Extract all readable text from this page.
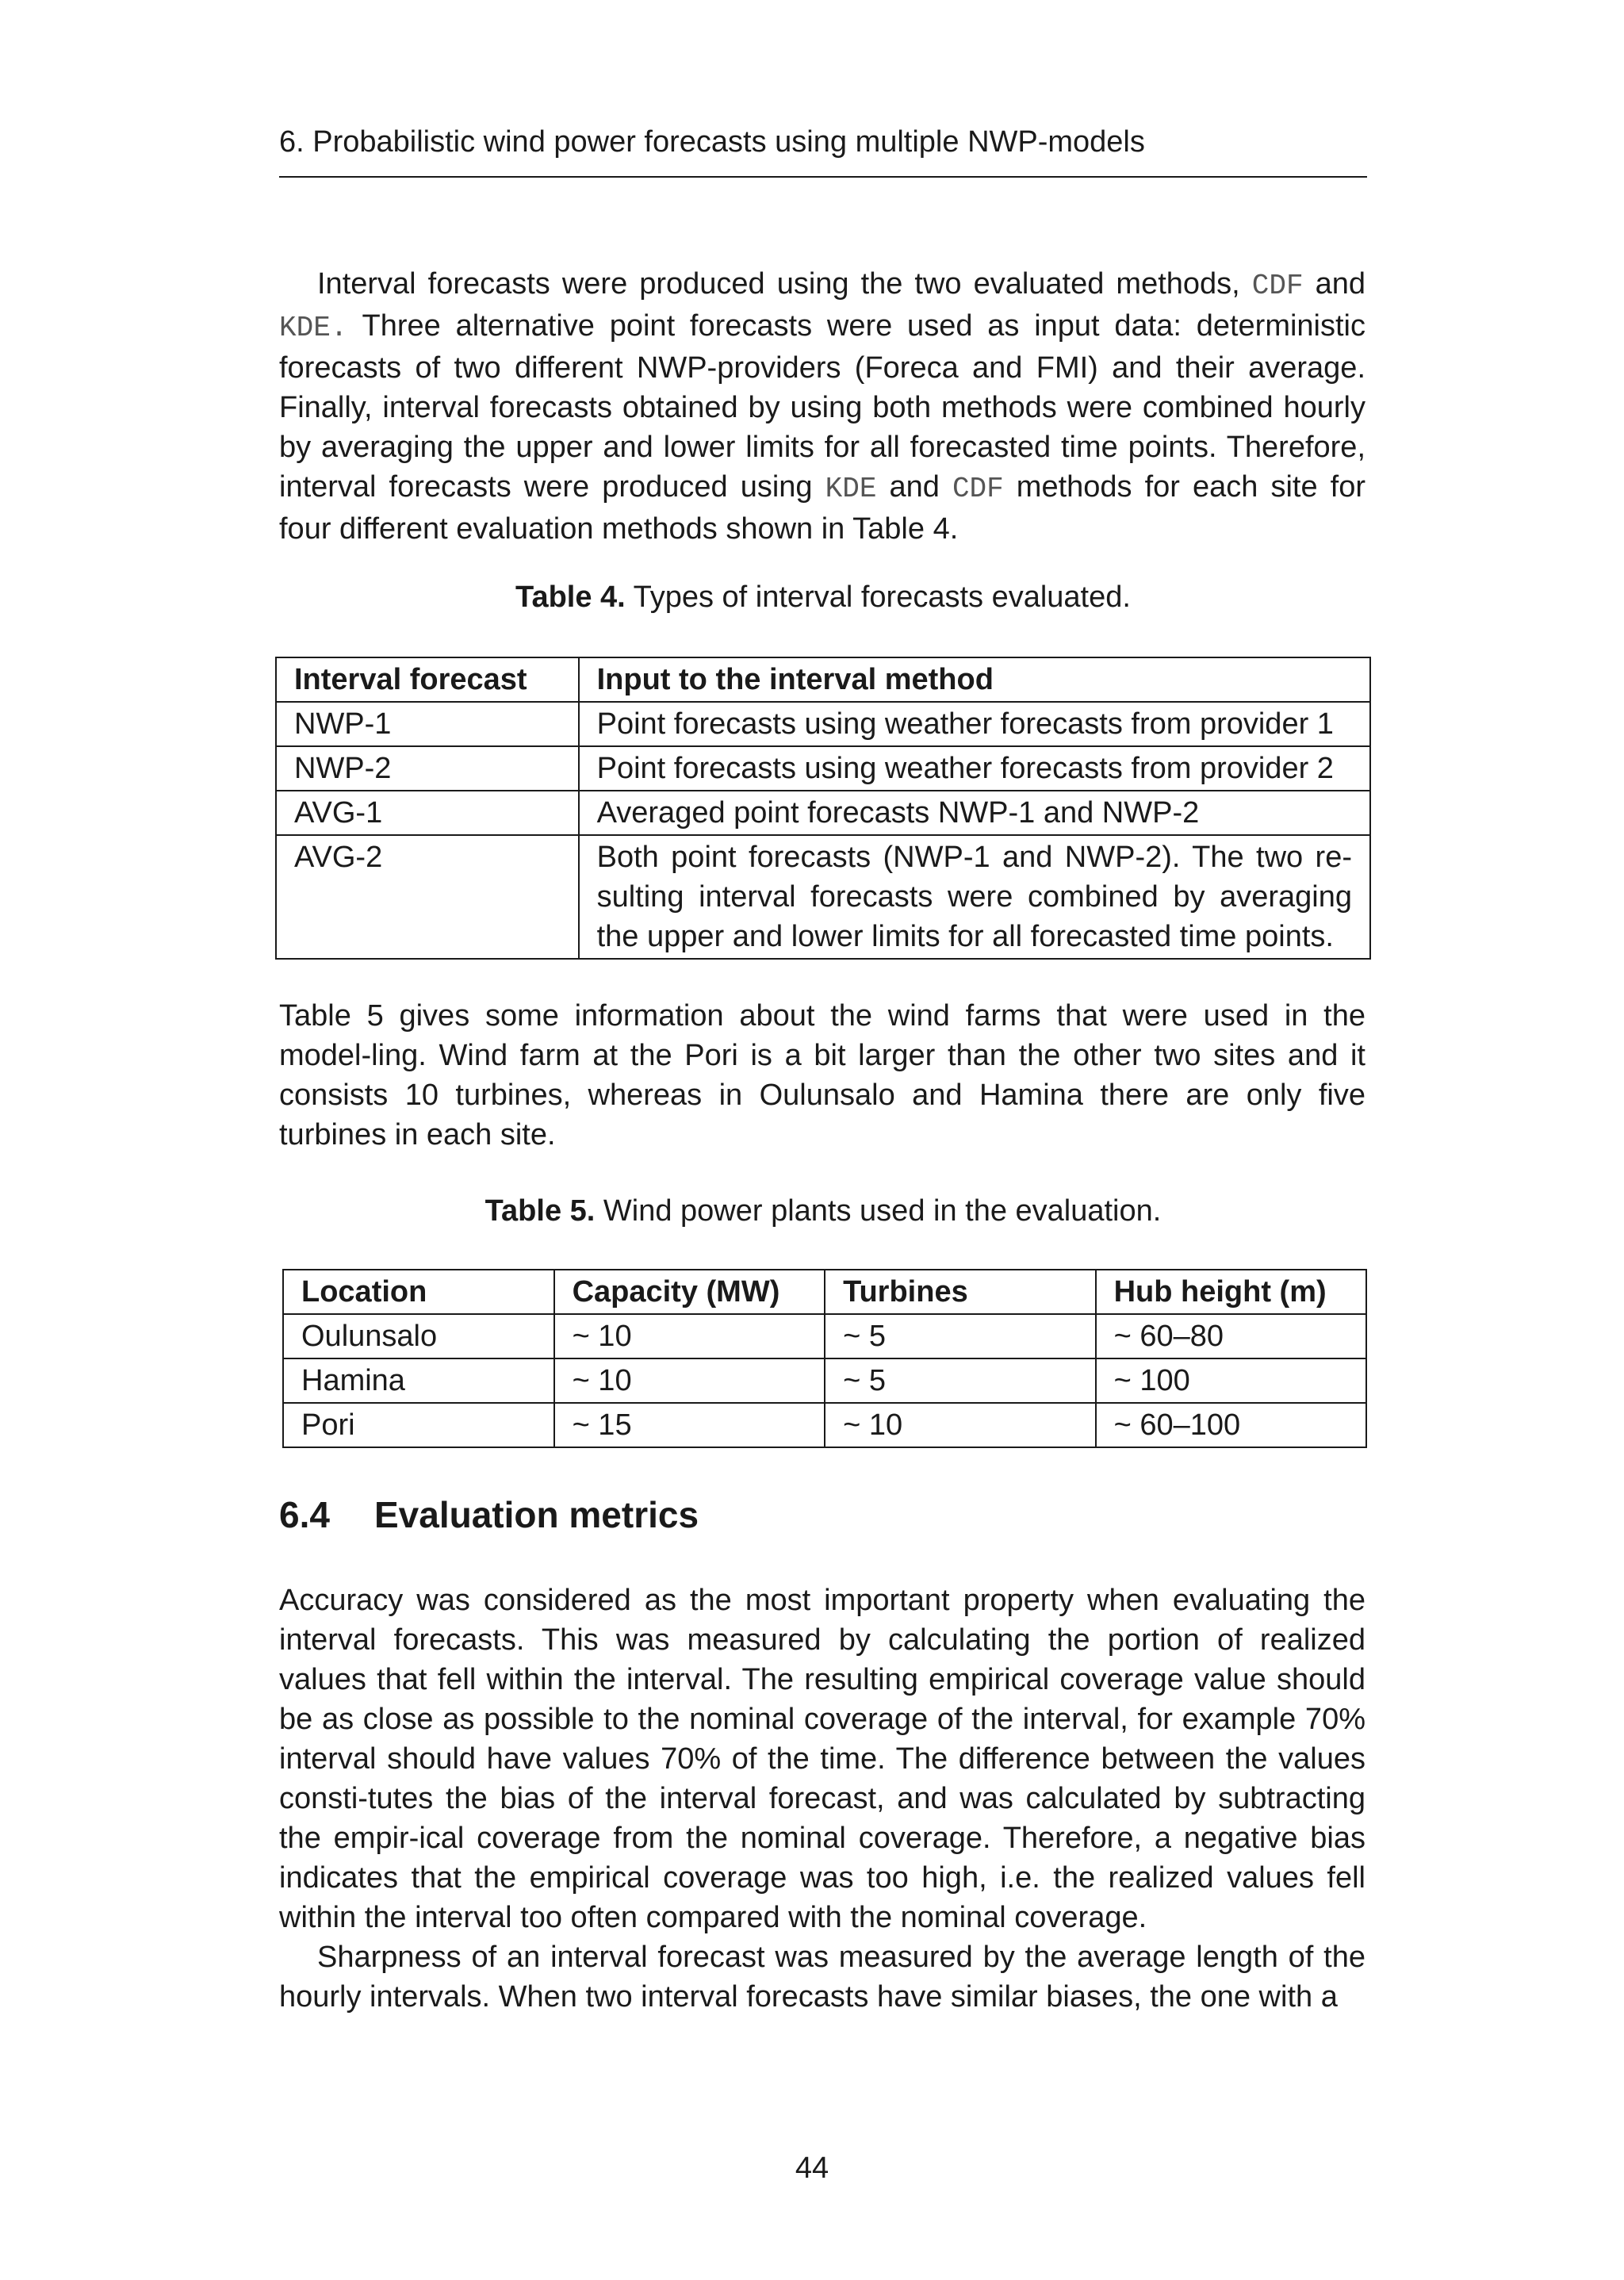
6. Probabilistic wind power forecasts using multiple NWP-models

Interval forecasts were produced using the two evaluated methods, CDF and KDE. Three alternative point forecasts were used as input data: deterministic forecasts of two different NWP-providers (Foreca and FMI) and their average. Finally, interval forecasts obtained by using both methods were combined hourly by averaging the upper and lower limits for all forecasted time points. Therefore, interval forecasts were produced using KDE and CDF methods for each site for four different evaluation methods shown in Table 4.

Table 4. Types of interval forecasts evaluated.
Interval forecast	Input to the interval method
NWP-1	Point forecasts using weather forecasts from provider 1
NWP-2	Point forecasts using weather forecasts from provider 2
AVG-1	Averaged point forecasts NWP-1 and NWP-2
AVG-2	Both point forecasts (NWP-1 and NWP-2). The two re-sulting interval forecasts were combined by averaging the upper and lower limits for all forecasted time points.

Table 5 gives some information about the wind farms that were used in the model-ling. Wind farm at the Pori is a bit larger than the other two sites and it consists 10 turbines, whereas in Oulunsalo and Hamina there are only five turbines in each site.

Table 5. Wind power plants used in the evaluation.
Location	Capacity (MW)	Turbines	Hub height (m)
Oulunsalo	~ 10	~ 5	~ 60–80
Hamina	~ 10	~ 5	~ 100
Pori	~ 15	~ 10	~ 60–100
6.4 Evaluation metrics

Accuracy was considered as the most important property when evaluating the interval forecasts. This was measured by calculating the portion of realized values that fell within the interval. The resulting empirical coverage value should be as close as possible to the nominal coverage of the interval, for example 70% interval should have values 70% of the time. The difference between the values consti-tutes the bias of the interval forecast, and was calculated by subtracting the empir-ical coverage from the nominal coverage. Therefore, a negative bias indicates that the empirical coverage was too high, i.e. the realized values fell within the interval too often compared with the nominal coverage.

Sharpness of an interval forecast was measured by the average length of the hourly intervals. When two interval forecasts have similar biases, the one with a

44
